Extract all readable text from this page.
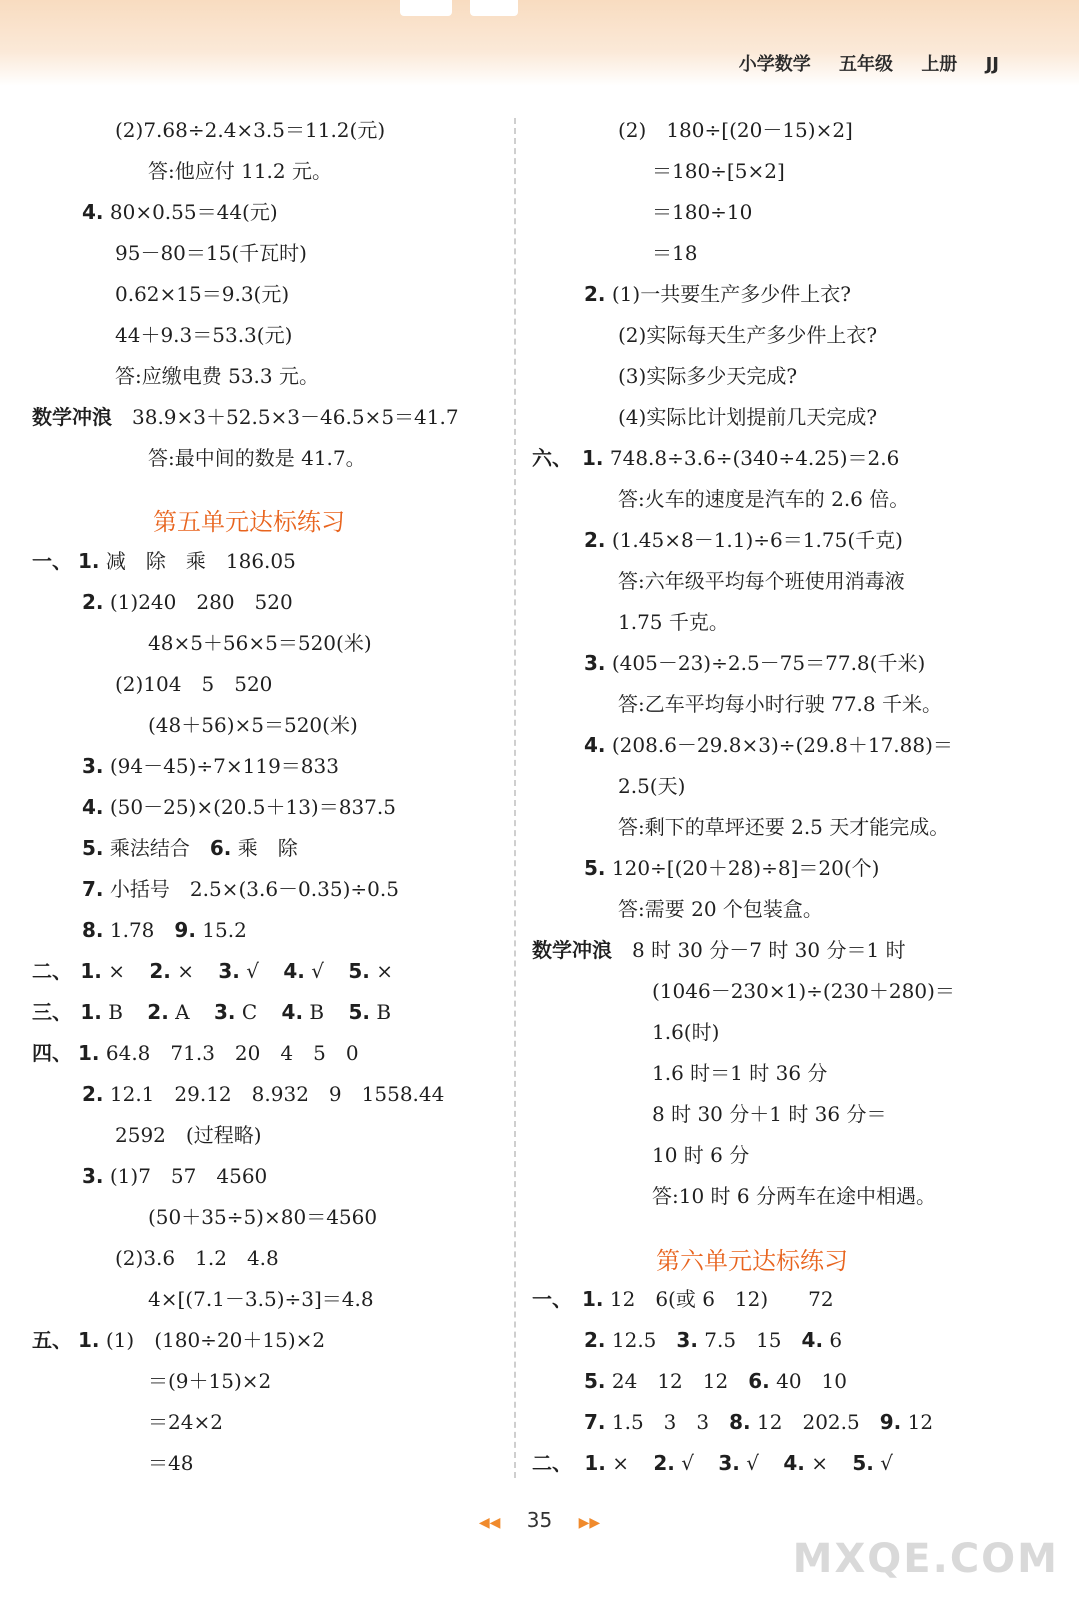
小学数学 五年级 上册 JJ
(2)7.68÷2.4×3.5＝11.2(元)
答:他应付 11.2 元。
4. 80×0.55＝44(元)
95－80＝15(千瓦时)
0.62×15＝9.3(元)
44＋9.3＝53.3(元)
答:应缴电费 53.3 元。
数学冲浪　 38.9×3＋52.5×3－46.5×5＝41.7
答:最中间的数是 41.7。
第五单元达标练习
一、 1. 减　除　乘　186.05
2. (1)240　280　520
48×5＋56×5＝520(米)
(2)104　5　520
(48＋56)×5＝520(米)
3. (94－45)÷7×119＝833
4. (50－25)×(20.5＋13)＝837.5
5. 乘法结合　 6. 乘　除
7. 小括号　2.5×(3.6－0.35)÷0.5
8. 1.78　 9. 15.2
二、 1. × 2. × 3. √ 4. √ 5. ×
三、 1. B 2. A 3. C 4. B 5. B
四、 1. 64.8　71.3　20　4　5　0
2. 12.1　29.12　8.932　9　1558.44
2592　(过程略)
3. (1)7　57　4560
(50＋35÷5)×80＝4560
(2)3.6　1.2　4.8
4×[(7.1－3.5)÷3]＝4.8
五、 1. (1)　(180÷20＋15)×2
＝(9＋15)×2
＝24×2
＝48
(2)　180÷[(20－15)×2]
＝180÷[5×2]
＝180÷10
＝18
2. (1)一共要生产多少件上衣?
(2)实际每天生产多少件上衣?
(3)实际多少天完成?
(4)实际比计划提前几天完成?
六、 1. 748.8÷3.6÷(340÷4.25)＝2.6
答:火车的速度是汽车的 2.6 倍。
2. (1.45×8－1.1)÷6＝1.75(千克)
答:六年级平均每个班使用消毒液
1.75 千克。
3. (405－23)÷2.5－75＝77.8(千米)
答:乙车平均每小时行驶 77.8 千米。
4. (208.6－29.8×3)÷(29.8＋17.88)＝
2.5(天)
答:剩下的草坪还要 2.5 天才能完成。
5. 120÷[(20＋28)÷8]＝20(个)
答:需要 20 个包装盒。
数学冲浪　 8 时 30 分－7 时 30 分＝1 时
(1046－230×1)÷(230＋280)＝
1.6(时)
1.6 时＝1 时 36 分
8 时 30 分＋1 时 36 分＝
10 时 6 分
答:10 时 6 分两车在途中相遇。
第六单元达标练习
一、 1. 12　6(或 6　12)　　72
2. 12.5　 3. 7.5　15　 4. 6
5. 24　12　12　 6. 40　10
7. 1.5　3　3　 8. 12　202.5　 9. 12
二、 1. × 2. √ 3. √ 4. × 5. √
◀◀ 35 ▶▶
MXQE.COM
